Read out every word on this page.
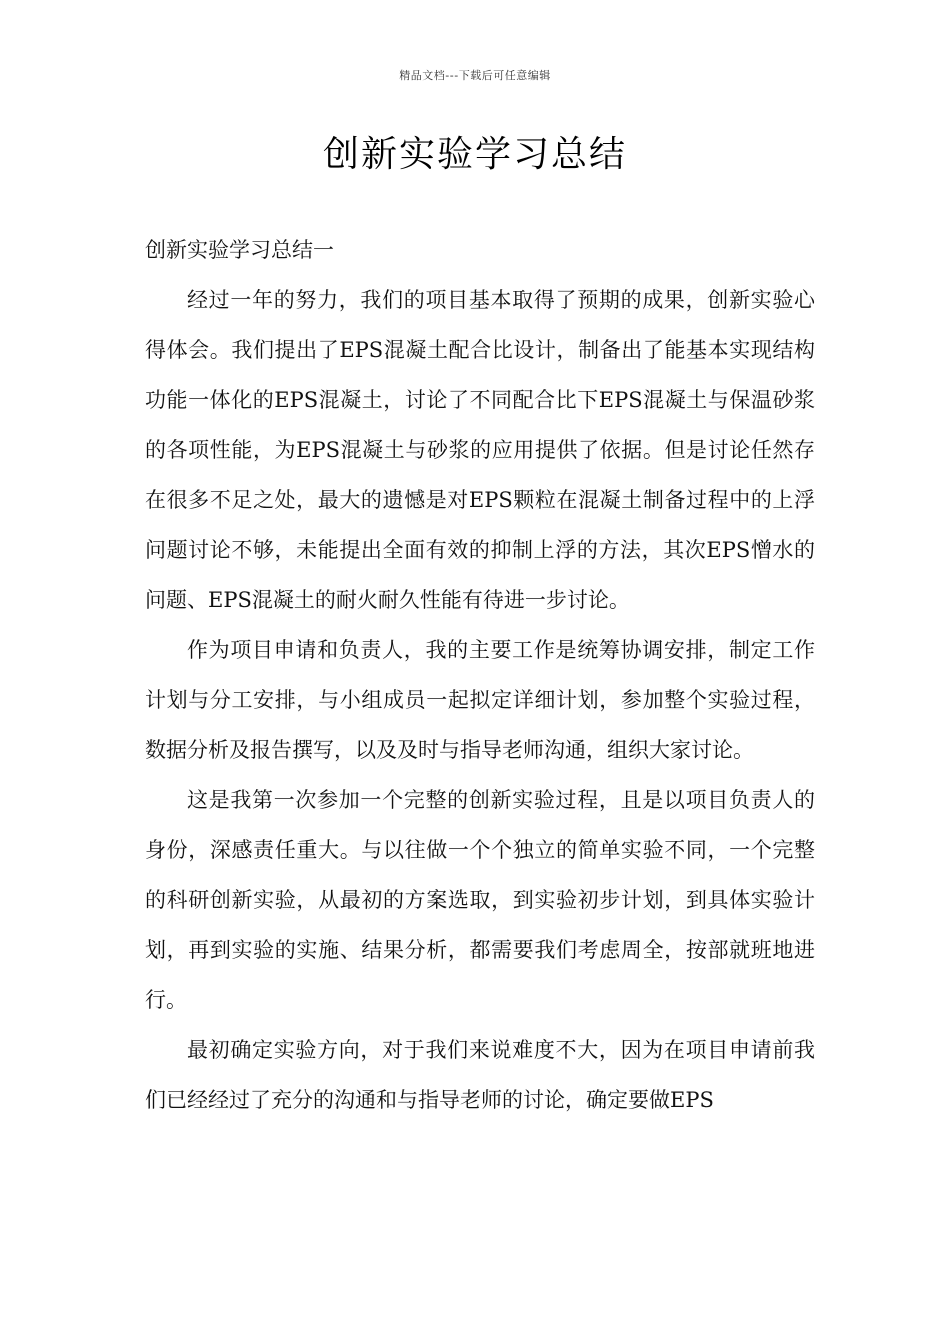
精品文档---下载后可任意编辑
创新实验学习总结

创新实验学习总结一

经过一年的努力，我们的项目基本取得了预期的成果，创新实验心得体会。我们提出了EPS混凝土配合比设计，制备出了能基本实现结构功能一体化的EPS混凝土，讨论了不同配合比下EPS混凝土与保温砂浆的各项性能，为EPS混凝土与砂浆的应用提供了依据。但是讨论任然存在很多不足之处，最大的遗憾是对EPS颗粒在混凝土制备过程中的上浮问题讨论不够，未能提出全面有效的抑制上浮的方法，其次EPS憎水的问题、EPS混凝土的耐火耐久性能有待进一步讨论。

作为项目申请和负责人，我的主要工作是统筹协调安排，制定工作计划与分工安排，与小组成员一起拟定详细计划，参加整个实验过程，数据分析及报告撰写，以及及时与指导老师沟通，组织大家讨论。

这是我第一次参加一个完整的创新实验过程，且是以项目负责人的身份，深感责任重大。与以往做一个个独立的简单实验不同，一个完整的科研创新实验，从最初的方案选取，到实验初步计划，到具体实验计划，再到实验的实施、结果分析，都需要我们考虑周全，按部就班地进行。

最初确定实验方向，对于我们来说难度不大，因为在项目申请前我们已经经过了充分的沟通和与指导老师的讨论，确定要做EPS
